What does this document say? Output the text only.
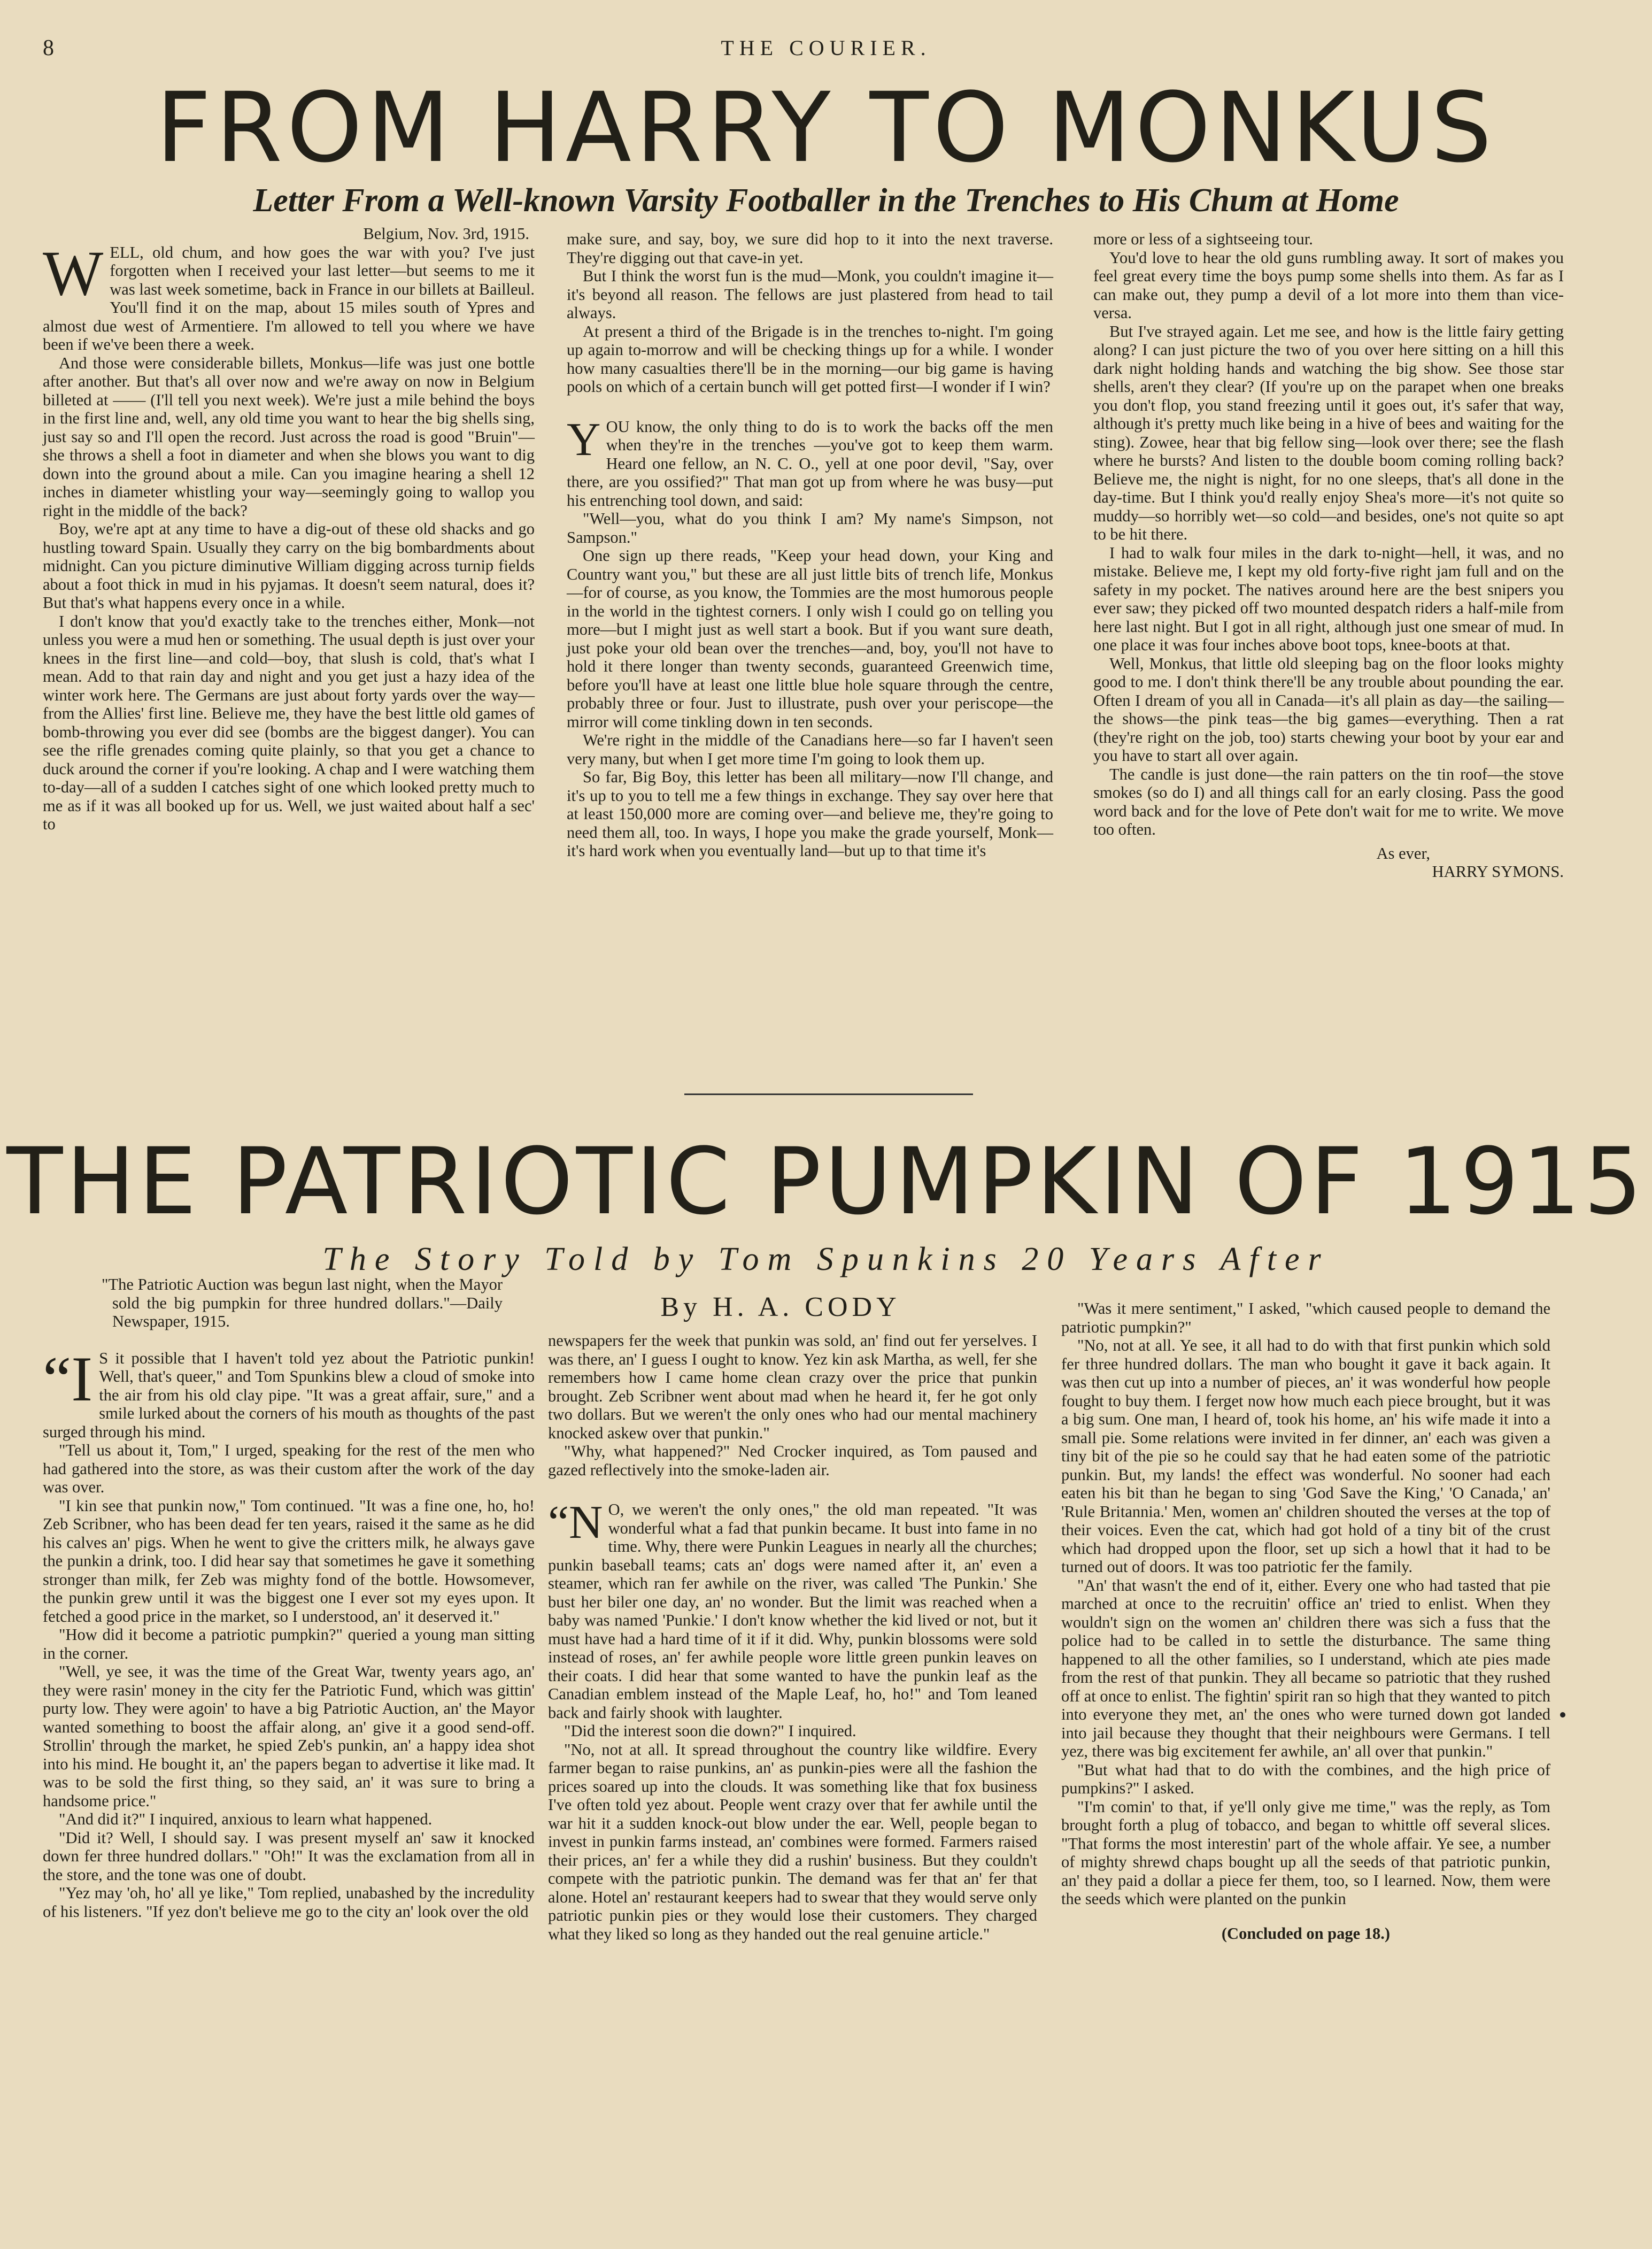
8	THE COURIER.
FROM HARRY TO MONKUS
Letter From a Well-known Varsity Footballer in the Trenches to His Chum at Home

Belgium, Nov. 3rd, 1915.

WELL, old chum, and how goes the war with you? I've just forgotten when I received your last letter—but seems to me it was last week sometime, back in France in our billets at Bailleul. You'll find it on the map, about 15 miles south of Ypres and almost due west of Armentiere. I'm allowed to tell you where we have been if we've been there a week.

And those were considerable billets, Monkus—life was just one bottle after another. But that's all over now and we're away on now in Belgium billeted at —— (I'll tell you next week). We're just a mile behind the boys in the first line and, well, any old time you want to hear the big shells sing, just say so and I'll open the record. Just across the road is good "Bruin"—she throws a shell a foot in diameter and when she blows you want to dig down into the ground about a mile. Can you imagine hearing a shell 12 inches in diameter whistling your way—seemingly going to wallop you right in the middle of the back?

Boy, we're apt at any time to have a dig-out of these old shacks and go hustling toward Spain. Usually they carry on the big bombardments about midnight. Can you picture diminutive William digging across turnip fields about a foot thick in mud in his pyjamas. It doesn't seem natural, does it? But that's what happens every once in a while.

I don't know that you'd exactly take to the trenches either, Monk—not unless you were a mud hen or something. The usual depth is just over your knees in the first line—and cold—boy, that slush is cold, that's what I mean. Add to that rain day and night and you get just a hazy idea of the winter work here. The Germans are just about forty yards over the way—from the Allies' first line. Believe me, they have the best little old games of bomb-throwing you ever did see (bombs are the biggest danger). You can see the rifle grenades coming quite plainly, so that you get a chance to duck around the corner if you're looking. A chap and I were watching them to-day—all of a sudden I catches sight of one which looked pretty much to me as if it was all booked up for us. Well, we just waited about half a sec' to

make sure, and say, boy, we sure did hop to it into the next traverse. They're digging out that cave-in yet.

But I think the worst fun is the mud—Monk, you couldn't imagine it—it's beyond all reason. The fellows are just plastered from head to tail always.

At present a third of the Brigade is in the trenches to-night. I'm going up again to-morrow and will be checking things up for a while. I wonder how many casualties there'll be in the morning—our big game is having pools on which of a certain bunch will get potted first—I wonder if I win?

YOU know, the only thing to do is to work the backs off the men when they're in the trenches —you've got to keep them warm. Heard one fellow, an N. C. O., yell at one poor devil, "Say, over there, are you ossified?" That man got up from where he was busy—put his entrenching tool down, and said:

"Well—you, what do you think I am? My name's Simpson, not Sampson."

One sign up there reads, "Keep your head down, your King and Country want you," but these are all just little bits of trench life, Monkus—for of course, as you know, the Tommies are the most humorous people in the world in the tightest corners. I only wish I could go on telling you more—but I might just as well start a book. But if you want sure death, just poke your old bean over the trenches—and, boy, you'll not have to hold it there longer than twenty seconds, guaranteed Greenwich time, before you'll have at least one little blue hole square through the centre, probably three or four. Just to illustrate, push over your periscope—the mirror will come tinkling down in ten seconds.

We're right in the middle of the Canadians here—so far I haven't seen very many, but when I get more time I'm going to look them up.

So far, Big Boy, this letter has been all military—now I'll change, and it's up to you to tell me a few things in exchange. They say over here that at least 150,000 more are coming over—and believe me, they're going to need them all, too. In ways, I hope you make the grade yourself, Monk—it's hard work when you eventually land—but up to that time it's

more or less of a sightseeing tour.

You'd love to hear the old guns rumbling away. It sort of makes you feel great every time the boys pump some shells into them. As far as I can make out, they pump a devil of a lot more into them than vice-versa.

But I've strayed again. Let me see, and how is the little fairy getting along? I can just picture the two of you over here sitting on a hill this dark night holding hands and watching the big show. See those star shells, aren't they clear? (If you're up on the parapet when one breaks you don't flop, you stand freezing until it goes out, it's safer that way, although it's pretty much like being in a hive of bees and waiting for the sting). Zowee, hear that big fellow sing—look over there; see the flash where he bursts? And listen to the double boom coming rolling back? Believe me, the night is night, for no one sleeps, that's all done in the day-time. But I think you'd really enjoy Shea's more—it's not quite so muddy—so horribly wet—so cold—and besides, one's not quite so apt to be hit there.

I had to walk four miles in the dark to-night—hell, it was, and no mistake. Believe me, I kept my old forty-five right jam full and on the safety in my pocket. The natives around here are the best snipers you ever saw; they picked off two mounted despatch riders a half-mile from here last night. But I got in all right, although just one smear of mud. In one place it was four inches above boot tops, knee-boots at that.

Well, Monkus, that little old sleeping bag on the floor looks mighty good to me. I don't think there'll be any trouble about pounding the ear. Often I dream of you all in Canada—it's all plain as day—the sailing—the shows—the pink teas—the big games—everything. Then a rat (they're right on the job, too) starts chewing your boot by your ear and you have to start all over again.

The candle is just done—the rain patters on the tin roof—the stove smokes (so do I) and all things call for an early closing. Pass the good word back and for the love of Pete don't wait for me to write. We move too often.

As ever,

HARRY SYMONS.

THE PATRIOTIC PUMPKIN OF 1915
The Story Told by Tom Spunkins 20 Years After
By H. A. CODY

"The Patriotic Auction was begun last night, when the Mayor sold the big pumpkin for three hundred dollars."—Daily Newspaper, 1915.

“I S it possible that I haven't told yez about the Patriotic punkin! Well, that's queer," and Tom Spunkins blew a cloud of smoke into the air from his old clay pipe. "It was a great affair, sure," and a smile lurked about the corners of his mouth as thoughts of the past surged through his mind.

"Tell us about it, Tom," I urged, speaking for the rest of the men who had gathered into the store, as was their custom after the work of the day was over.

"I kin see that punkin now," Tom continued. "It was a fine one, ho, ho! Zeb Scribner, who has been dead fer ten years, raised it the same as he did his calves an' pigs. When he went to give the critters milk, he always gave the punkin a drink, too. I did hear say that sometimes he gave it something stronger than milk, fer Zeb was mighty fond of the bottle. Howsomever, the punkin grew until it was the biggest one I ever sot my eyes upon. It fetched a good price in the market, so I understood, an' it deserved it."

"How did it become a patriotic pumpkin?" queried a young man sitting in the corner.

"Well, ye see, it was the time of the Great War, twenty years ago, an' they were rasin' money in the city fer the Patriotic Fund, which was gittin' purty low. They were agoin' to have a big Patriotic Auction, an' the Mayor wanted something to boost the affair along, an' give it a good send-off. Strollin' through the market, he spied Zeb's punkin, an' a happy idea shot into his mind. He bought it, an' the papers began to advertise it like mad. It was to be sold the first thing, so they said, an' it was sure to bring a handsome price."

"And did it?" I inquired, anxious to learn what happened.

"Did it? Well, I should say. I was present myself an' saw it knocked down fer three hundred dollars." "Oh!" It was the exclamation from all in the store, and the tone was one of doubt.

"Yez may 'oh, ho' all ye like," Tom replied, unabashed by the incredulity of his listeners. "If yez don't believe me go to the city an' look over the old

newspapers fer the week that punkin was sold, an' find out fer yerselves. I was there, an' I guess I ought to know. Yez kin ask Martha, as well, fer she remembers how I came home clean crazy over the price that punkin brought. Zeb Scribner went about mad when he heard it, fer he got only two dollars. But we weren't the only ones who had our mental machinery knocked askew over that punkin."

"Why, what happened?" Ned Crocker inquired, as Tom paused and gazed reflectively into the smoke-laden air.

“N O, we weren't the only ones," the old man repeated. "It was wonderful what a fad that punkin became. It bust into fame in no time. Why, there were Punkin Leagues in nearly all the churches; punkin baseball teams; cats an' dogs were named after it, an' even a steamer, which ran fer awhile on the river, was called 'The Punkin.' She bust her biler one day, an' no wonder. But the limit was reached when a baby was named 'Punkie.' I don't know whether the kid lived or not, but it must have had a hard time of it if it did. Why, punkin blossoms were sold instead of roses, an' fer awhile people wore little green punkin leaves on their coats. I did hear that some wanted to have the punkin leaf as the Canadian emblem instead of the Maple Leaf, ho, ho!" and Tom leaned back and fairly shook with laughter.

"Did the interest soon die down?" I inquired.

"No, not at all. It spread throughout the country like wildfire. Every farmer began to raise punkins, an' as punkin-pies were all the fashion the prices soared up into the clouds. It was something like that fox business I've often told yez about. People went crazy over that fer awhile until the war hit it a sudden knock-out blow under the ear. Well, people began to invest in punkin farms instead, an' combines were formed. Farmers raised their prices, an' fer a while they did a rushin' business. But they couldn't compete with the patriotic punkin. The demand was fer that an' fer that alone. Hotel an' restaurant keepers had to swear that they would serve only patriotic punkin pies or they would lose their customers. They charged what they liked so long as they handed out the real genuine article."

"Was it mere sentiment," I asked, "which caused people to demand the patriotic pumpkin?"

"No, not at all. Ye see, it all had to do with that first punkin which sold fer three hundred dollars. The man who bought it gave it back again. It was then cut up into a number of pieces, an' it was wonderful how people fought to buy them. I ferget now how much each piece brought, but it was a big sum. One man, I heard of, took his home, an' his wife made it into a small pie. Some relations were invited in fer dinner, an' each was given a tiny bit of the pie so he could say that he had eaten some of the patriotic punkin. But, my lands! the effect was wonderful. No sooner had each eaten his bit than he began to sing 'God Save the King,' 'O Canada,' an' 'Rule Britannia.' Men, women an' children shouted the verses at the top of their voices. Even the cat, which had got hold of a tiny bit of the crust which had dropped upon the floor, set up sich a howl that it had to be turned out of doors. It was too patriotic fer the family.

"An' that wasn't the end of it, either. Every one who had tasted that pie marched at once to the recruitin' office an' tried to enlist. When they wouldn't sign on the women an' children there was sich a fuss that the police had to be called in to settle the disturbance. The same thing happened to all the other families, so I understand, which ate pies made from the rest of that punkin. They all became so patriotic that they rushed off at once to enlist. The fightin' spirit ran so high that they wanted to pitch into everyone they met, an' the ones who were turned down got landed into jail because they thought that their neighbours were Germans. I tell yez, there was big excitement fer awhile, an' all over that punkin."

"But what had that to do with the combines, and the high price of pumpkins?" I asked.

"I'm comin' to that, if ye'll only give me time," was the reply, as Tom brought forth a plug of tobacco, and began to whittle off several slices. "That forms the most interestin' part of the whole affair. Ye see, a number of mighty shrewd chaps bought up all the seeds of that patriotic punkin, an' they paid a dollar a piece fer them, too, so I learned. Now, them were the seeds which were planted on the punkin

(Concluded on page 18.)
